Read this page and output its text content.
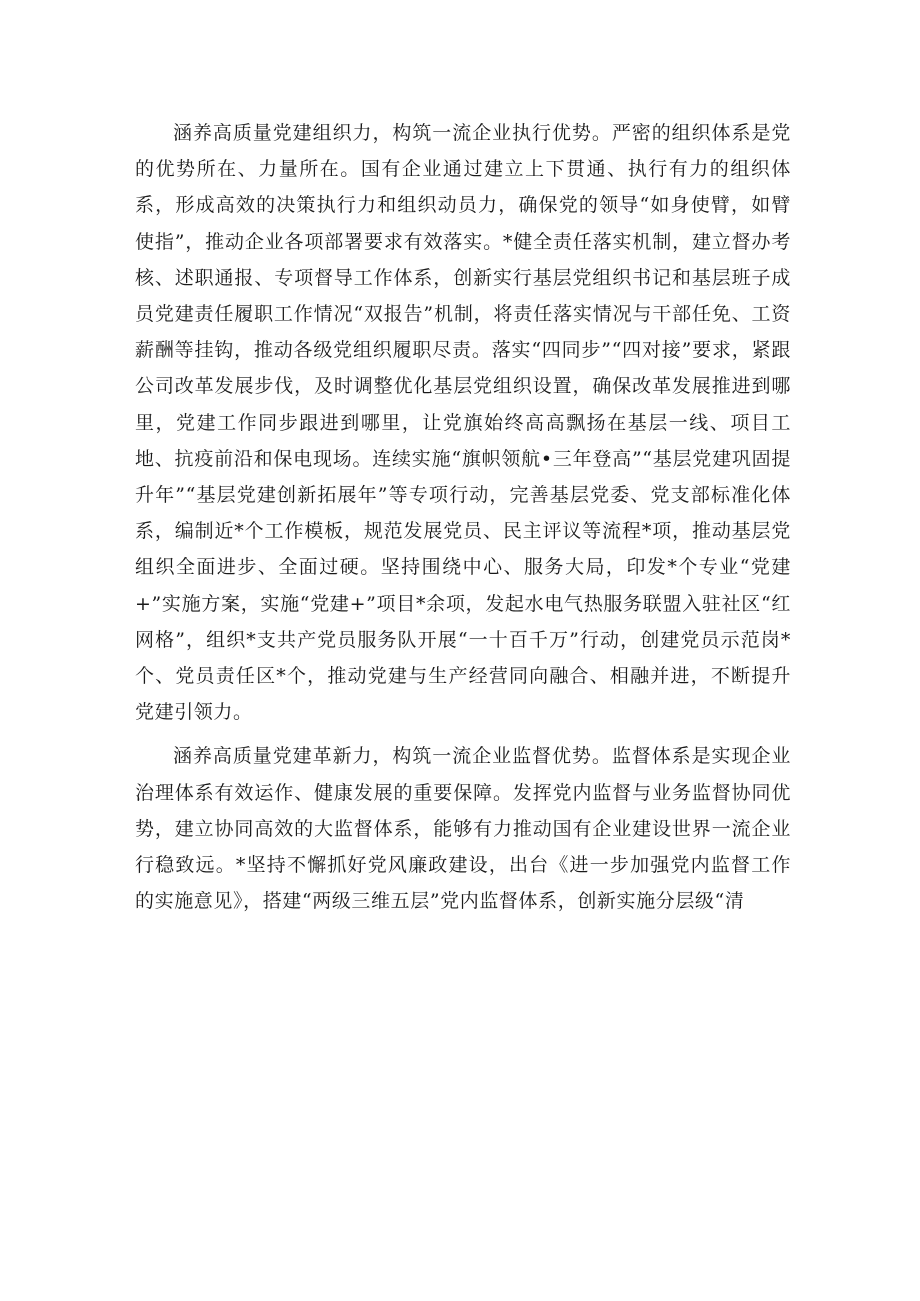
涵养高质量党建组织力，构筑一流企业执行优势。严密的组织体系是党的优势所在、力量所在。国有企业通过建立上下贯通、执行有力的组织体系，形成高效的决策执行力和组织动员力，确保党的领导“如身使臂，如臂使指”，推动企业各项部署要求有效落实。*健全责任落实机制，建立督办考核、述职通报、专项督导工作体系，创新实行基层党组织书记和基层班子成员党建责任履职工作情况“双报告”机制，将责任落实情况与干部任免、工资薪酬等挂钩，推动各级党组织履职尽责。落实“四同步”“四对接”要求，紧跟公司改革发展步伐，及时调整优化基层党组织设置，确保改革发展推进到哪里，党建工作同步跟进到哪里，让党旗始终高高飘扬在基层一线、项目工地、抗疫前沿和保电现场。连续实施“旗帜领航•三年登高”“基层党建巩固提升年”“基层党建创新拓展年”等专项行动，完善基层党委、党支部标准化体系，编制近*个工作模板，规范发展党员、民主评议等流程*项，推动基层党组织全面进步、全面过硬。坚持围绕中心、服务大局，印发*个专业“党建+”实施方案，实施“党建+”项目*余项，发起水电气热服务联盟入驻社区“红网格”，组织*支共产党员服务队开展“一十百千万”行动，创建党员示范岗*个、党员责任区*个，推动党建与生产经营同向融合、相融并进，不断提升党建引领力。

涵养高质量党建革新力，构筑一流企业监督优势。监督体系是实现企业治理体系有效运作、健康发展的重要保障。发挥党内监督与业务监督协同优势，建立协同高效的大监督体系，能够有力推动国有企业建设世界一流企业行稳致远。*坚持不懈抓好党风廉政建设，出台《进一步加强党内监督工作的实施意见》，搭建“两级三维五层”党内监督体系，创新实施分层级“清
